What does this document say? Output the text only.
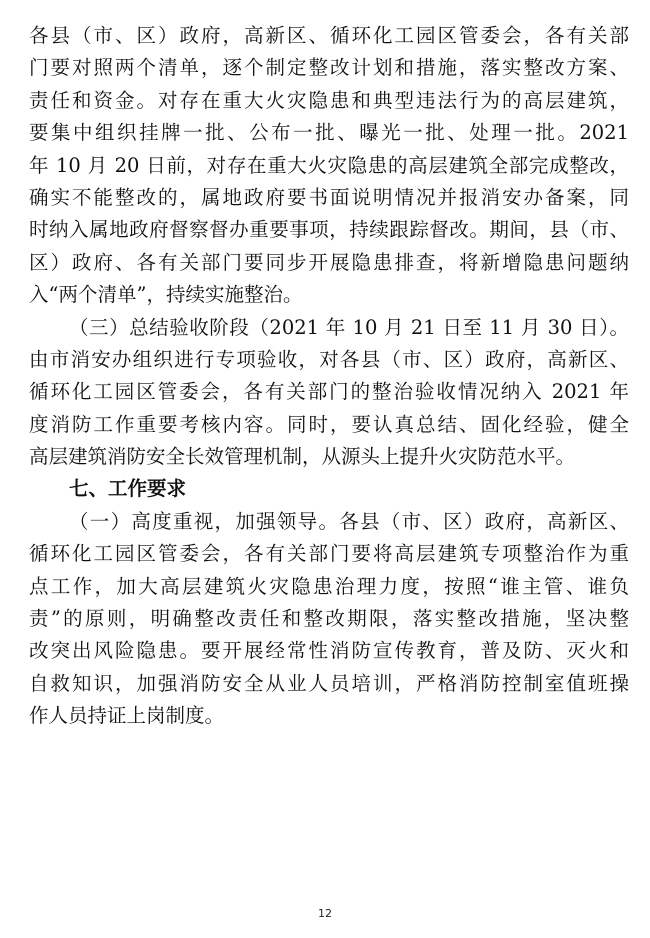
各县（市、区）政府，高新区、循环化工园区管委会，各有关部
门要对照两个清单，逐个制定整改计划和措施，落实整改方案、
责任和资金。对存在重大火灾隐患和典型违法行为的高层建筑，
要集中组织挂牌一批、公布一批、曝光一批、处理一批。2021
年 10 月 20 日前，对存在重大火灾隐患的高层建筑全部完成整改，
确实不能整改的，属地政府要书面说明情况并报消安办备案，同
时纳入属地政府督察督办重要事项，持续跟踪督改。期间，县（市、
区）政府、各有关部门要同步开展隐患排查，将新增隐患问题纳
入“两个清单”，持续实施整治。
（三）总结验收阶段（2021 年 10 月 21 日至 11 月 30 日）。
由市消安办组织进行专项验收，对各县（市、区）政府，高新区、
循环化工园区管委会，各有关部门的整治验收情况纳入 2021 年
度消防工作重要考核内容。同时，要认真总结、固化经验，健全
高层建筑消防安全长效管理机制，从源头上提升火灾防范水平。
七、工作要求
（一）高度重视，加强领导。各县（市、区）政府，高新区、
循环化工园区管委会，各有关部门要将高层建筑专项整治作为重
点工作，加大高层建筑火灾隐患治理力度，按照“谁主管、谁负
责”的原则，明确整改责任和整改期限，落实整改措施，坚决整
改突出风险隐患。要开展经常性消防宣传教育，普及防、灭火和
自救知识，加强消防安全从业人员培训，严格消防控制室值班操
作人员持证上岗制度。
12
